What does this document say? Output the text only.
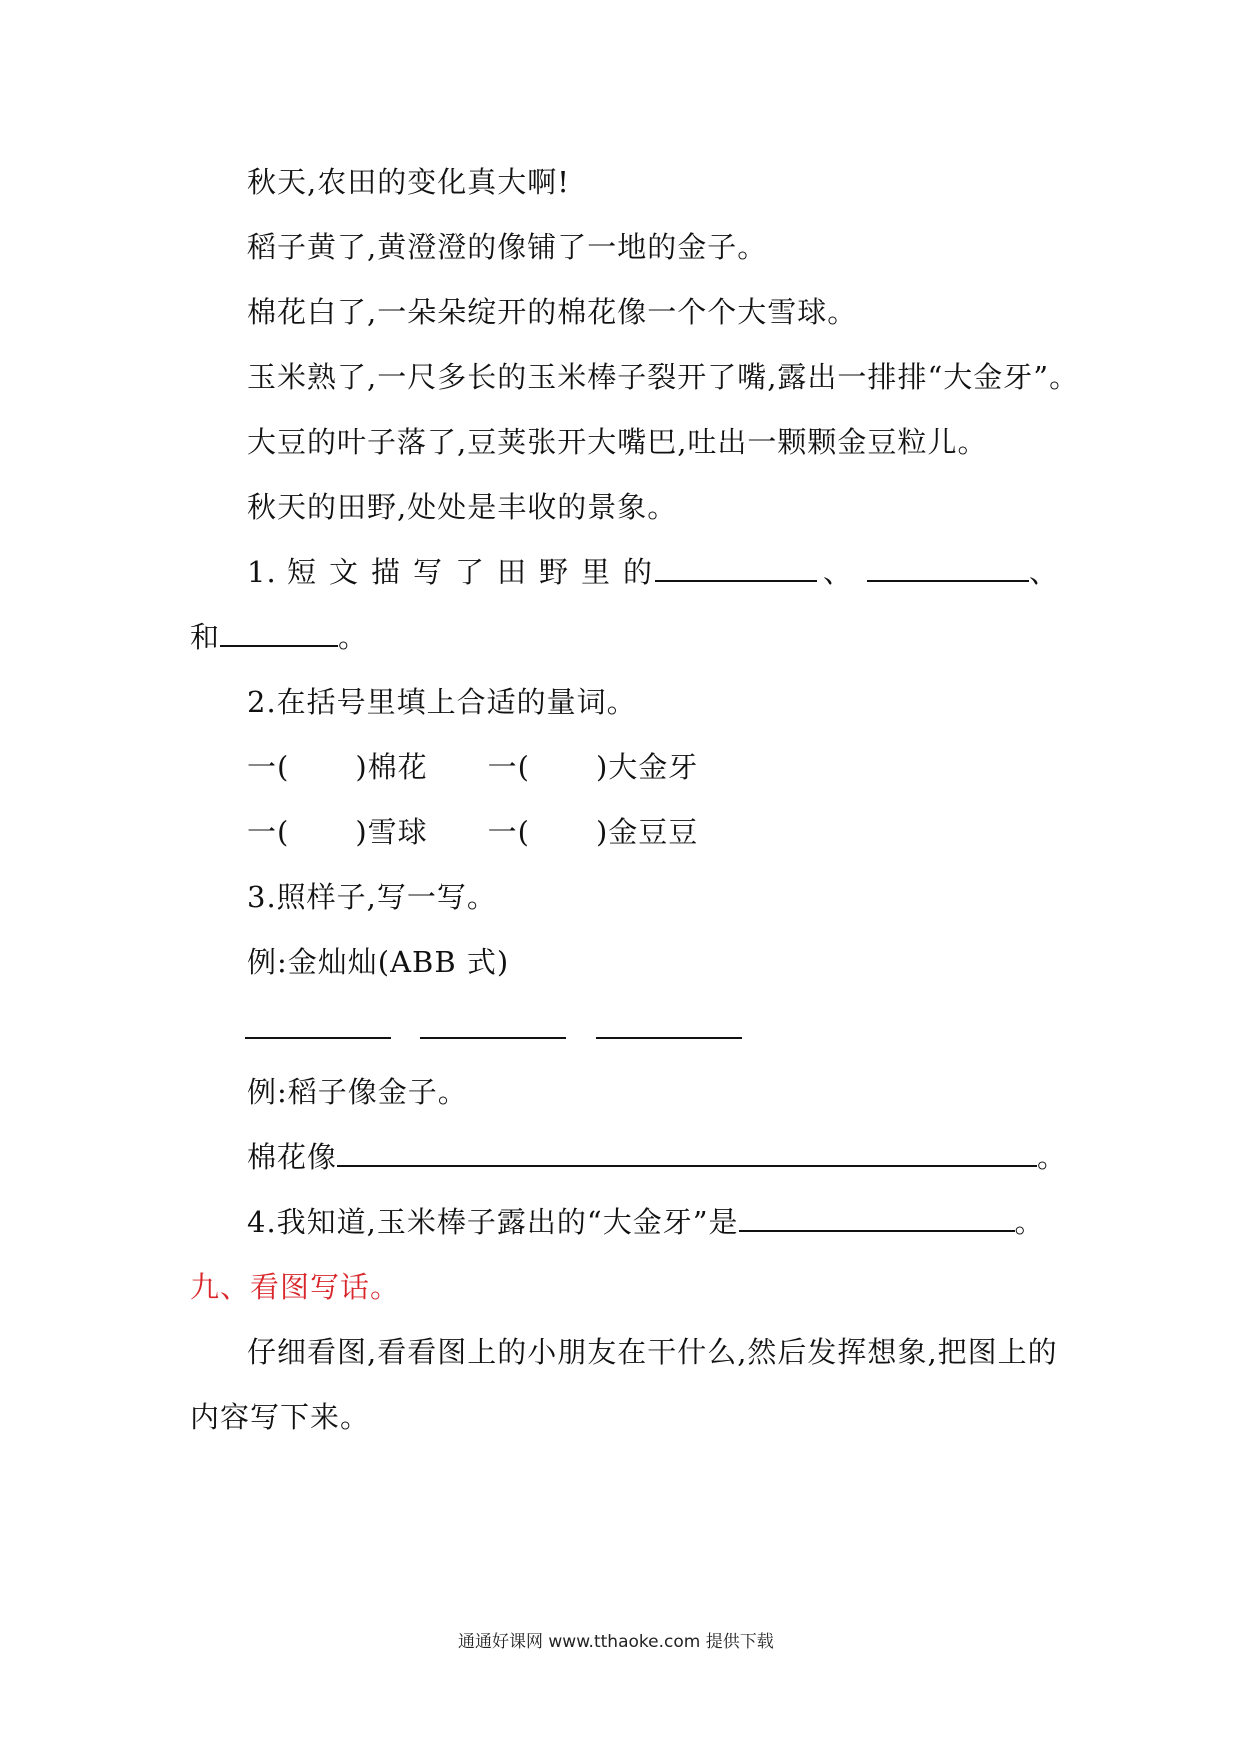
秋天,农田的变化真大啊!
稻子黄了,黄澄澄的像铺了一地的金子。
棉花白了,一朵朵绽开的棉花像一个个大雪球。
玉米熟了,一尺多长的玉米棒子裂开了嘴,露出一排排“大金牙”。
大豆的叶子落了,豆荚张开大嘴巴,吐出一颗颗金豆粒儿。
秋天的田野,处处是丰收的景象。
1. 短 文 描 写 了 田 野 里 的	、	、
和	。
2.在括号里填上合适的量词。
一( )棉花 一( )大金牙
一( )雪球 一( )金豆豆
3.照样子,写一写。
例:金灿灿(ABB 式)
例:稻子像金子。
棉花像	。
4.我知道,玉米棒子露出的“大金牙”是	。
九、看图写话。
仔细看图,看看图上的小朋友在干什么,然后发挥想象,把图上的
内容写下来。
通通好课网 www.tthaoke.com 提供下载
